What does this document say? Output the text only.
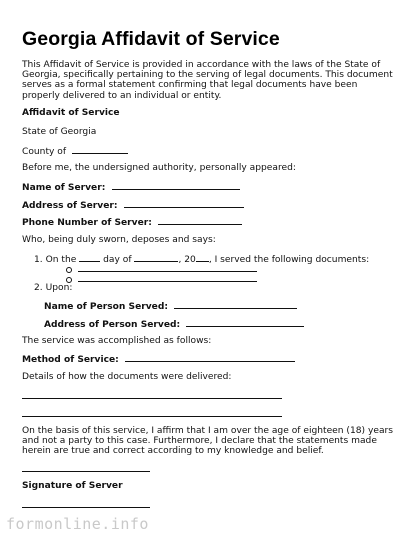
Georgia Affidavit of Service
This Affidavit of Service is provided in accordance with the laws of the State of Georgia, specifically pertaining to the serving of legal documents. This document serves as a formal statement confirming that legal documents have been properly delivered to an individual or entity.
Affidavit of Service
State of Georgia
County of
Before me, the undersigned authority, personally appeared:
Name of Server:
Address of Server:
Phone Number of Server:
Who, being duly sworn, deposes and says:
1. On the	day of	, 20 , I served the following documents:
2. Upon:
Name of Person Served:
Address of Person Served:
The service was accomplished as follows:
Method of Service:
Details of how the documents were delivered:
On the basis of this service, I affirm that I am over the age of eighteen (18) years and not a party to this case. Furthermore, I declare that the statements made herein are true and correct according to my knowledge and belief.
Signature of Server
formonline.info
